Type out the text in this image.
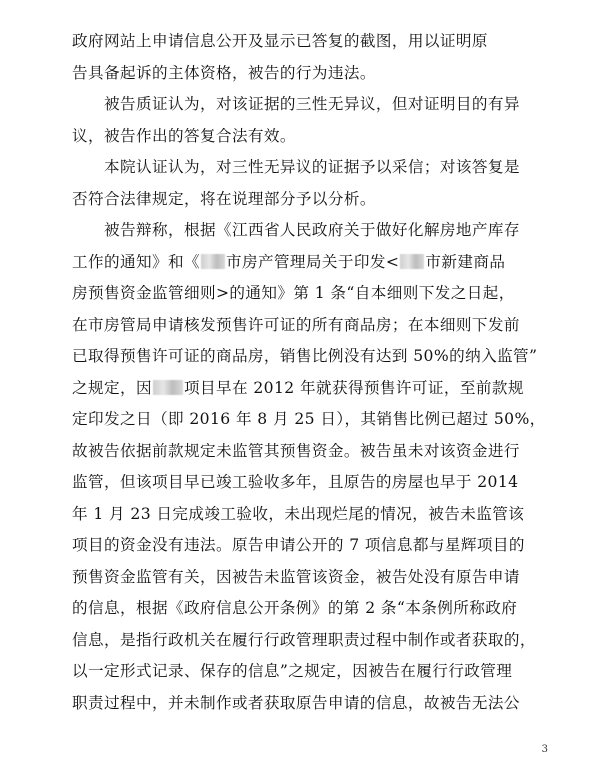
政府网站上申请信息公开及显示已答复的截图，用以证明原
告具备起诉的主体资格，被告的行为违法。
被告质证认为，对该证据的三性无异议，但对证明目的有异
议，被告作出的答复合法有效。
本院认证认为，对三性无异议的证据予以采信；对该答复是
否符合法律规定，将在说理部分予以分析。
被告辩称，根据《江西省人民政府关于做好化解房地产库存
工作的通知》和《 市房产管理局关于印发< 市新建商品
房预售资金监管细则>的通知》第 1 条“自本细则下发之日起，
在市房管局申请核发预售许可证的所有商品房；在本细则下发前
已取得预售许可证的商品房，销售比例没有达到 50%的纳入监管”
之规定，因 项目早在 2012 年就获得预售许可证，至前款规
定印发之日（即 2016 年 8 月 25 日），其销售比例已超过 50%，
故被告依据前款规定未监管其预售资金。被告虽未对该资金进行
监管，但该项目早已竣工验收多年，且原告的房屋也早于 2014
年 1 月 23 日完成竣工验收，未出现烂尾的情况，被告未监管该
项目的资金没有违法。原告申请公开的 7 项信息都与星辉项目的
预售资金监管有关，因被告未监管该资金，被告处没有原告申请
的信息，根据《政府信息公开条例》的第 2 条“本条例所称政府
信息，是指行政机关在履行行政管理职责过程中制作或者获取的，
以一定形式记录、保存的信息”之规定，因被告在履行行政管理
职责过程中，并未制作或者获取原告申请的信息，故被告无法公
3
